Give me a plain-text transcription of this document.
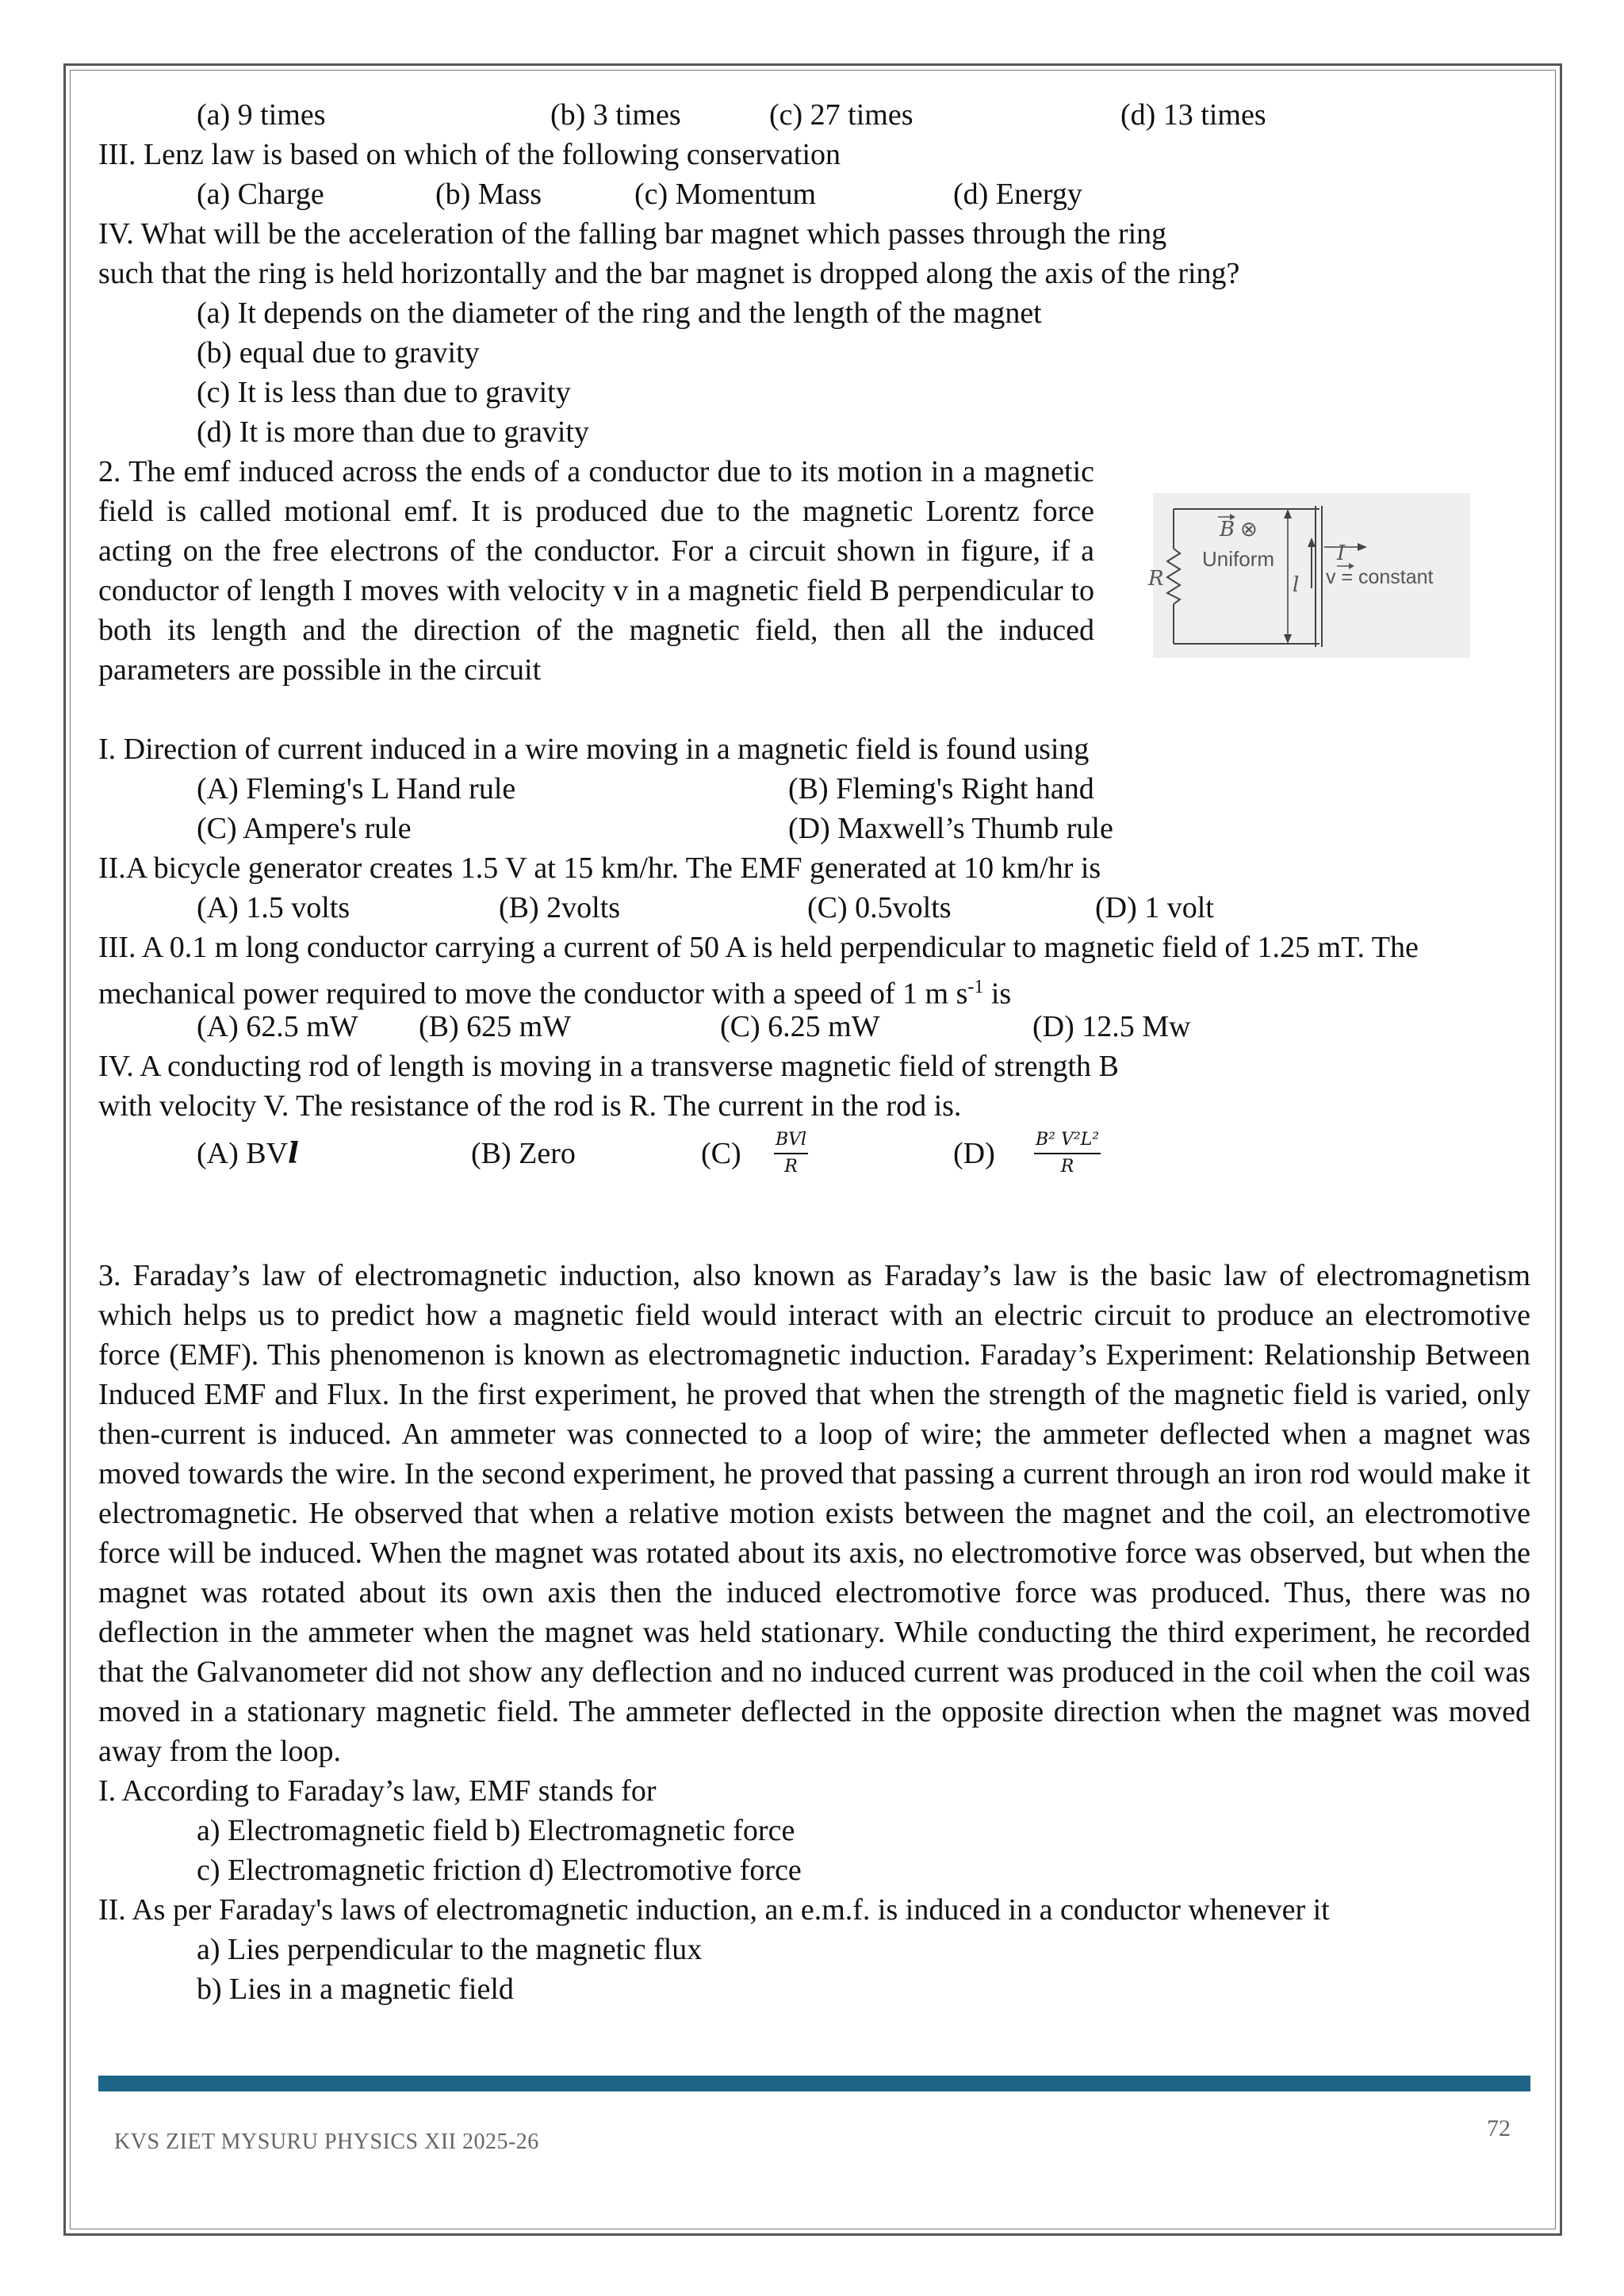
(a) 9 times	(b) 3 times	(c) 27 times	(d) 13 times
III. Lenz law is based on which of the following conservation
(a) Charge	(b) Mass	(c) Momentum	(d) Energy
IV. What will be the acceleration of the falling bar magnet which passes through the ring
such that the ring is held horizontally and the bar magnet is dropped along the axis of the ring?
(a) It depends on the diameter of the ring and the length of the magnet
(b) equal due to gravity
(c) It is less than due to gravity
(d) It is more than due to gravity
2. The emf induced across the ends of a conductor due to its motion in a magnetic field is called motional emf. It is produced due to the magnetic Lorentz force acting on the free electrons of the conductor. For a circuit shown in figure, if a conductor of length I moves with velocity v in a magnetic field B perpendicular to both its length and the direction of the magnetic field, then all the induced parameters are possible in the circuit
I. Direction of current induced in a wire moving in a magnetic field is found using
(A) Fleming's L Hand rule	(B) Fleming's Right hand
(C) Ampere's rule	(D) Maxwell’s Thumb rule
II.A bicycle generator creates 1.5 V at 15 km/hr. The EMF generated at 10 km/hr is
(A) 1.5 volts	(B) 2volts	(C) 0.5volts	(D) 1 volt
III. A 0.1 m long conductor carrying a current of 50 A is held perpendicular to magnetic field of 1.25 mT. The
mechanical power required to move the conductor with a speed of 1 m $s^{-1}$ is
(A) 62.5 mW (B) 625 mW	(C) 6.25 mW	(D) 12.5 Mw
IV. A conducting rod of length is moving in a transverse magnetic field of strength B
with velocity V. The resistance of the rod is R. The current in the rod is.
(A) BVl	(B) Zero	(C) BVl
R	$(D) \frac{\text{B² V²L²}}{R}$
3. Faraday’s law of electromagnetic induction, also known as Faraday’s law is the basic law of electromagnetism which helps us to predict how a magnetic field would interact with an electric circuit to produce an electromotive force (EMF). This phenomenon is known as electromagnetic induction. Faraday’s Experiment: Relationship Between Induced EMF and Flux. In the first experiment, he proved that when the strength of the magnetic field is varied, only then-current is induced. An ammeter was connected to a loop of wire; the ammeter deflected when a magnet was moved towards the wire. In the second experiment, he proved that passing a current through an iron rod would make it electromagnetic. He observed that when a relative motion exists between the magnet and the coil, an electromotive force will be induced. When the magnet was rotated about its axis, no electromotive force was observed, but when the magnet was rotated about its own axis then the induced electromotive force was produced. Thus, there was no deflection in the ammeter when the magnet was held stationary. While conducting the third experiment, he recorded that the Galvanometer did not show any deflection and no induced current was produced in the coil when the coil was moved in a stationary magnetic field. The ammeter deflected in the opposite direction when the magnet was moved away from the loop.
I. According to Faraday’s law, EMF stands for
a) Electromagnetic field b) Electromagnetic force
c) Electromagnetic friction d) Electromotive force
II. As per Faraday's laws of electromagnetic induction, an e.m.f. is induced in a conductor whenever it
a) Lies perpendicular to the magnetic flux
b) Lies in a magnetic field
B ⊗
Uniform
R	l
I
v = constant
KVS ZIET MYSURU PHYSICS XII 2025-26
72
